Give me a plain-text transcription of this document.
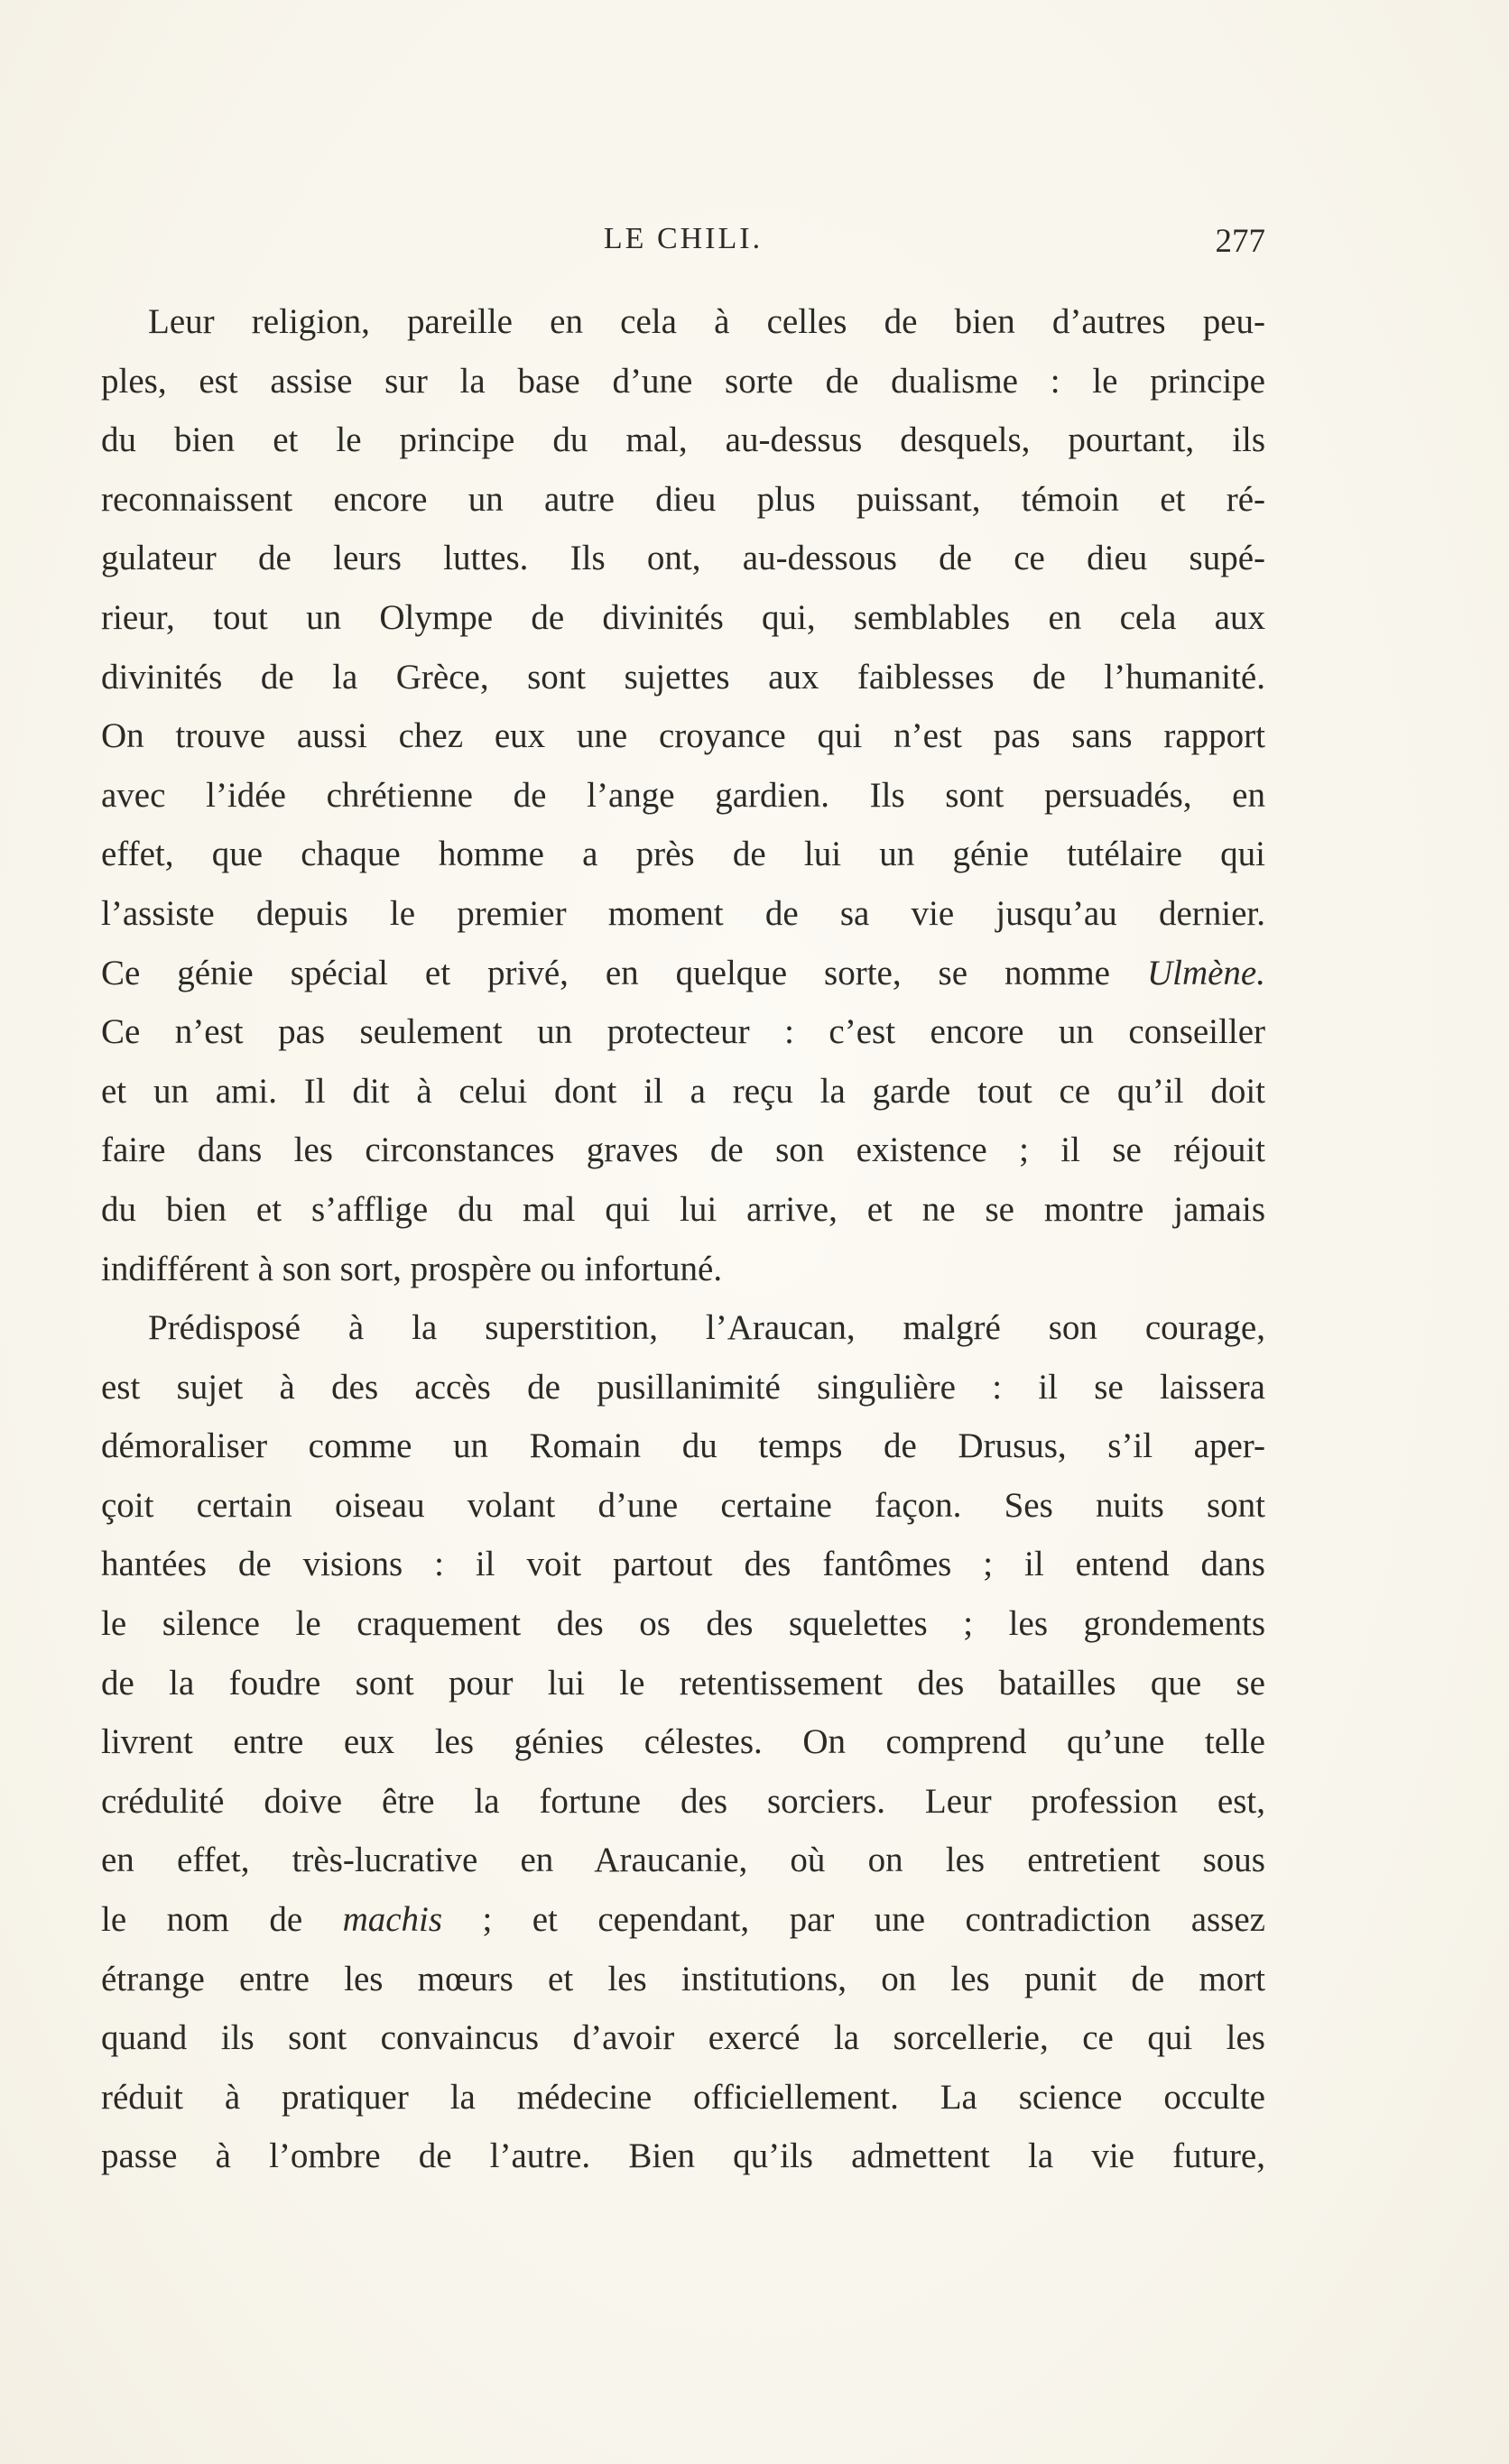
LE CHILI.	277
Leur religion, pareille en cela à celles de bien d’autres peu-
ples, est assise sur la base d’une sorte de dualisme : le principe
du bien et le principe du mal, au-dessus desquels, pourtant, ils
reconnaissent encore un autre dieu plus puissant, témoin et ré-
gulateur de leurs luttes. Ils ont, au-dessous de ce dieu supé-
rieur, tout un Olympe de divinités qui, semblables en cela aux
divinités de la Grèce, sont sujettes aux faiblesses de l’humanité.
On trouve aussi chez eux une croyance qui n’est pas sans rapport
avec l’idée chrétienne de l’ange gardien. Ils sont persuadés, en
effet, que chaque homme a près de lui un génie tutélaire qui
l’assiste depuis le premier moment de sa vie jusqu’au dernier.
Ce génie spécial et privé, en quelque sorte, se nomme Ulmène.
Ce n’est pas seulement un protecteur : c’est encore un conseiller
et un ami. Il dit à celui dont il a reçu la garde tout ce qu’il doit
faire dans les circonstances graves de son existence ; il se réjouit
du bien et s’afflige du mal qui lui arrive, et ne se montre jamais
indifférent à son sort, prospère ou infortuné.
Prédisposé à la superstition, l’Araucan, malgré son courage,
est sujet à des accès de pusillanimité singulière : il se laissera
démoraliser comme un Romain du temps de Drusus, s’il aper-
çoit certain oiseau volant d’une certaine façon. Ses nuits sont
hantées de visions : il voit partout des fantômes ; il entend dans
le silence le craquement des os des squelettes ; les grondements
de la foudre sont pour lui le retentissement des batailles que se
livrent entre eux les génies célestes. On comprend qu’une telle
crédulité doive être la fortune des sorciers. Leur profession est,
en effet, très-lucrative en Araucanie, où on les entretient sous
le nom de machis ; et cependant, par une contradiction assez
étrange entre les mœurs et les institutions, on les punit de mort
quand ils sont convaincus d’avoir exercé la sorcellerie, ce qui les
réduit à pratiquer la médecine officiellement. La science occulte
passe à l’ombre de l’autre. Bien qu’ils admettent la vie future,
